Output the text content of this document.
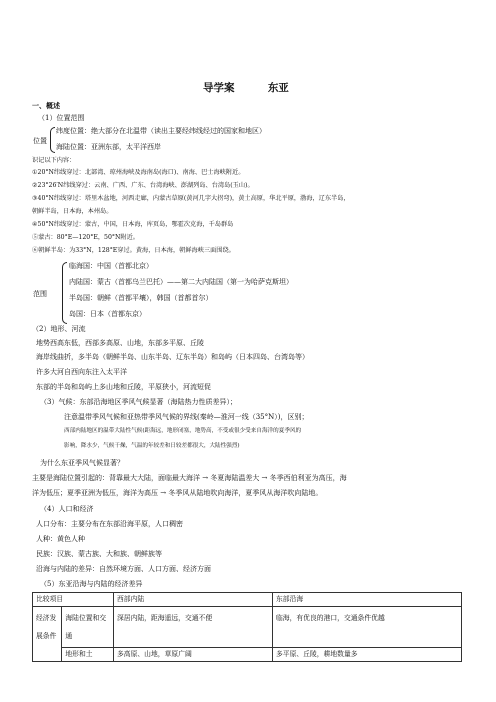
导学案	东亚
一、概述
（1）位置范围
位置
纬度位置：绝大部分在北温带（读出主要经纬线经过的国家和地区）
海陆位置：亚洲东部，太平洋西岸
识记以下内容：
①20°N纬线穿过：北部湾、琼州海峡及海南岛(海口)、南海、巴士海峡附近。
②23°26′N纬线穿过：云南、广西、广东、台湾海峡、澎湖列岛、台湾岛(玉山)。
③40°N纬线穿过：塔里木盆地，河西走廊，内蒙古草原(黄河几字大拐弯)，黄土高原，华北平原，渤海，辽东半岛，
朝鲜半岛，日本海，本州岛。
④50°N纬线穿过：蒙古，中国，日本海，库页岛，鄂霍次克海，千岛群岛
⑤蒙古：80°E—120°E，50°N附近。
⑥朝鲜半岛：为33°N，128°E穿过。黄海，日本海，朝鲜海峡三面围绕。
范围
临海国：中国（首都北京）
内陆国：蒙古（首都乌兰巴托）——第二大内陆国（第一为哈萨克斯坦）
半岛国：朝鲜（首都平壤），韩国（首都首尔）
岛国：日本（首都东京）
（2）地形、河流
地势西高东低，西部多高原、山地，东部多平原、丘陵
海岸线曲折，多半岛（朝鲜半岛、山东半岛、辽东半岛）和岛屿（日本四岛、台湾岛等）
许多大河自西向东注入太平洋
东部的半岛和岛屿上多山地和丘陵，平原狭小，河流短促
（3）气候：东部沿海地区季风气候显著（海陆热力性质差异）；
注意温带季风气候和亚热带季风气候的界线(秦岭—淮河一线（35°N）)，区别；
西部内陆地区的温带大陆性气候(距海远，地形闭塞，地势高，不受或很少受来自海洋的夏季风的
影响，降水少，气候干燥，气温的年较差和日较差都很大，大陆性强烈)
为什么东亚季风气候显著？
主要是海陆位置引起的：背靠最大大陆，面临最大海洋 → 冬夏海陆温差大 → 冬季西伯利亚为高压，海
洋为低压；夏季亚洲为低压，海洋为高压 → 冬季风从陆地吹向海洋，夏季风从海洋吹向陆地。
（4）人口和经济
人口分布：主要分布在东部沿海平原，人口稠密
人种：黄色人种
民族：汉族、蒙古族、大和族、朝鲜族等
沿海与内陆的差异：自然环境方面、人口方面、经济方面
（5）东亚沿海与内陆的经济差异
比较项目		西部内陆	东部沿海
经济发展条件	海陆位置和交通	深居内陆，距海遥远，交通不便	临海，有优良的港口，交通条件优越
	地形和土	多高原、山地，草原广阔	多平原、丘陵，耕地数量多
